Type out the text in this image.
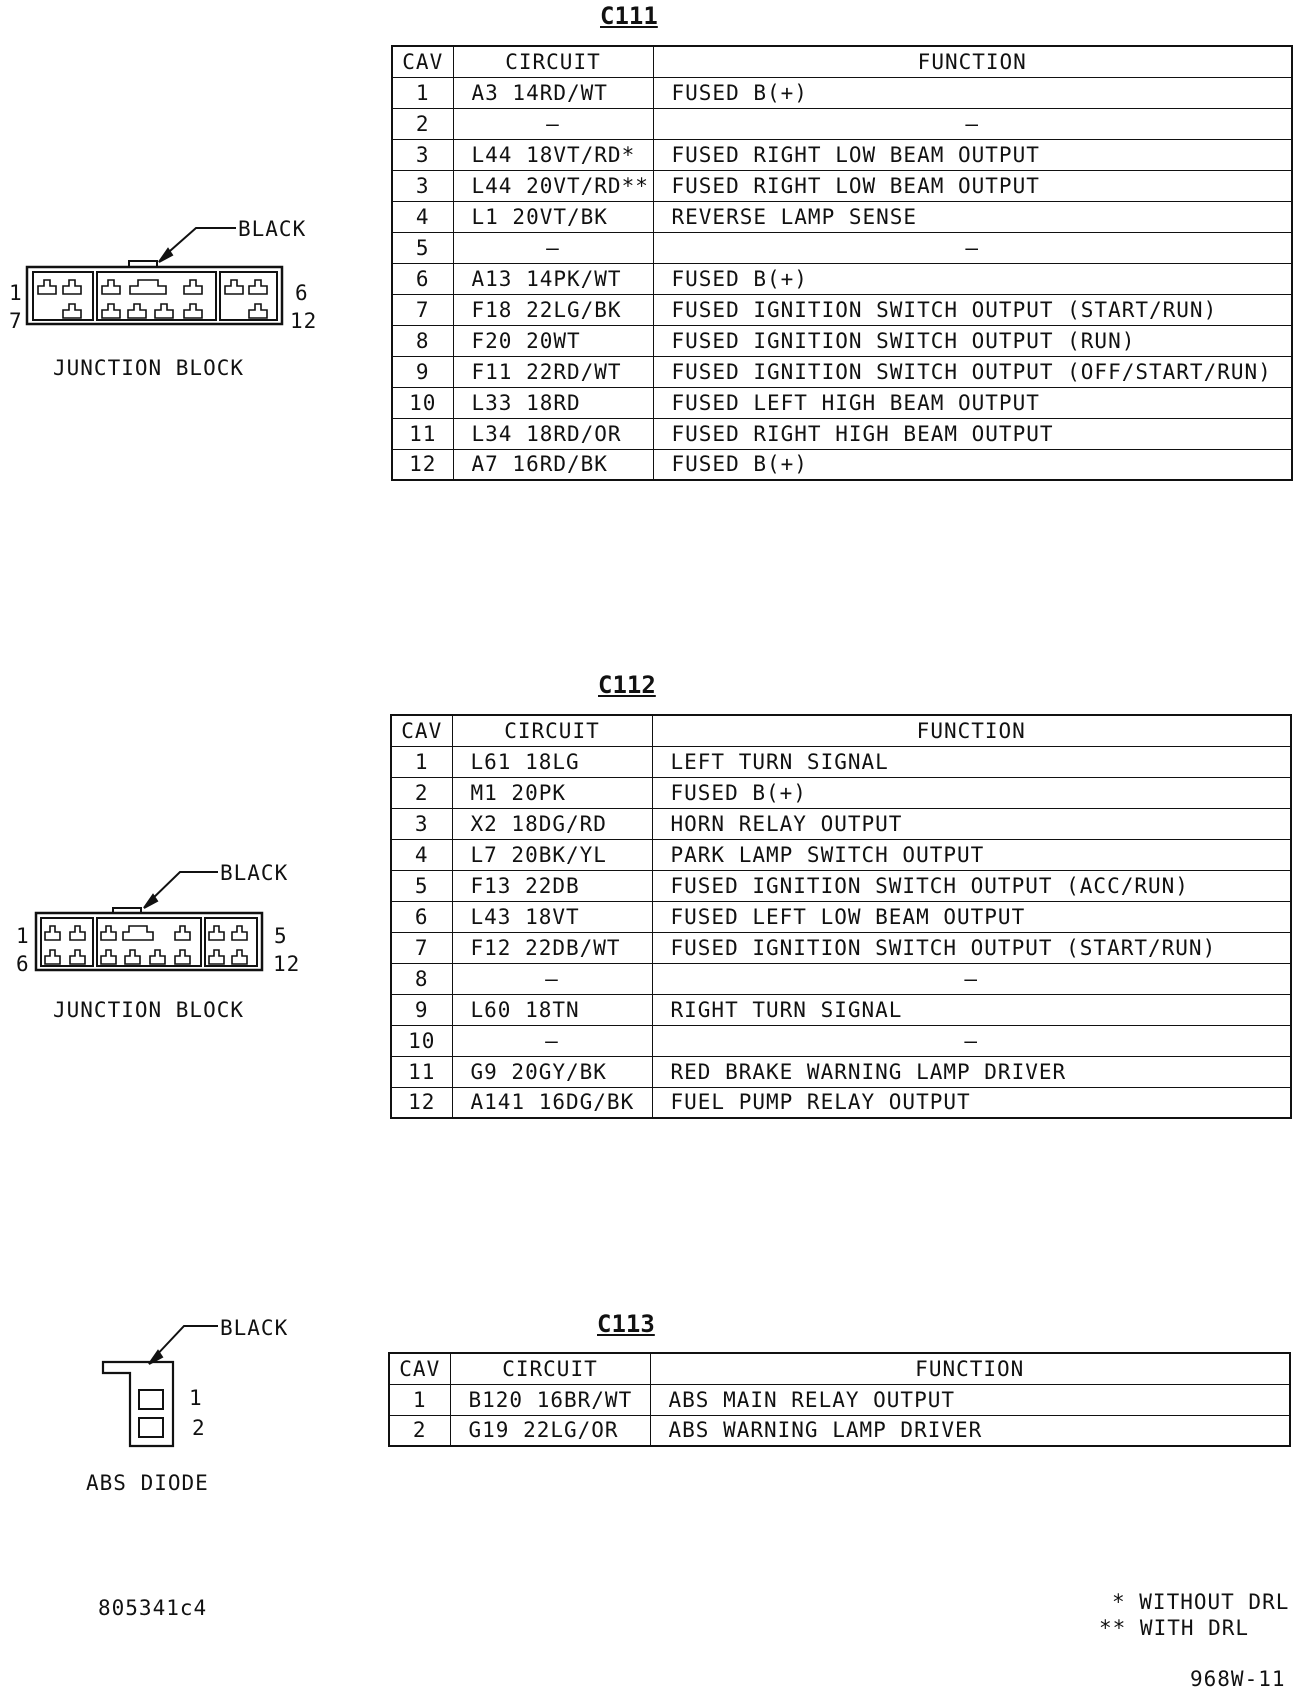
C111
CAV	CIRCUIT	FUNCTION
1	A3 14RD/WT	FUSED B(+)
2	–	–
3	L44 18VT/RD*	FUSED RIGHT LOW BEAM OUTPUT
3	L44 20VT/RD**	FUSED RIGHT LOW BEAM OUTPUT
4	L1 20VT/BK	REVERSE LAMP SENSE
5	–	–
6	A13 14PK/WT	FUSED B(+)
7	F18 22LG/BK	FUSED IGNITION SWITCH OUTPUT (START/RUN)
8	F20 20WT	FUSED IGNITION SWITCH OUTPUT (RUN)
9	F11 22RD/WT	FUSED IGNITION SWITCH OUTPUT (OFF/START/RUN)
10	L33 18RD	FUSED LEFT HIGH BEAM OUTPUT
11	L34 18RD/OR	FUSED RIGHT HIGH BEAM OUTPUT
12	A7 16RD/BK	FUSED B(+)
BLACK
1
7
6
12
JUNCTION BLOCK
C112
CAV	CIRCUIT	FUNCTION
1	L61 18LG	LEFT TURN SIGNAL
2	M1 20PK	FUSED B(+)
3	X2 18DG/RD	HORN RELAY OUTPUT
4	L7 20BK/YL	PARK LAMP SWITCH OUTPUT
5	F13 22DB	FUSED IGNITION SWITCH OUTPUT (ACC/RUN)
6	L43 18VT	FUSED LEFT LOW BEAM OUTPUT
7	F12 22DB/WT	FUSED IGNITION SWITCH OUTPUT (START/RUN)
8	–	–
9	L60 18TN	RIGHT TURN SIGNAL
10	–	–
11	G9 20GY/BK	RED BRAKE WARNING LAMP DRIVER
12	A141 16DG/BK	FUEL PUMP RELAY OUTPUT
BLACK
1
6
5
12
JUNCTION BLOCK
C113
CAV	CIRCUIT	FUNCTION
1	B120 16BR/WT	ABS MAIN RELAY OUTPUT
2	G19 22LG/OR	ABS WARNING LAMP DRIVER
BLACK
1
2
ABS DIODE
805341c4	* WITHOUT DRL
** WITH DRL
968W-11
